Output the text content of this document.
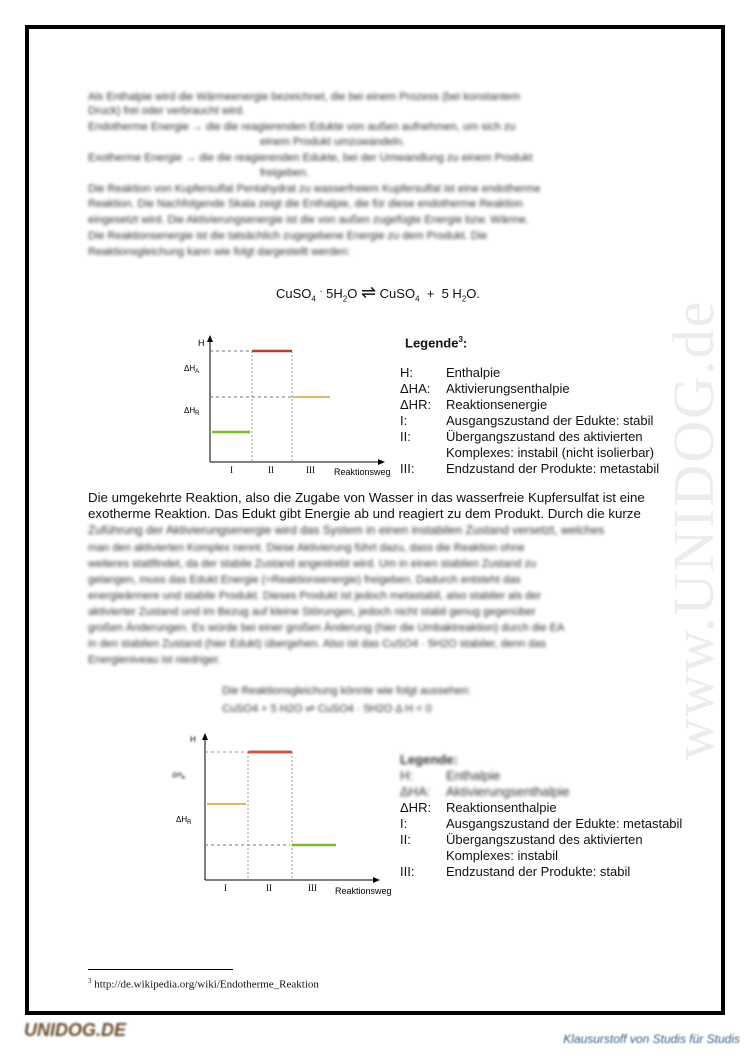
www.UNIDOG.de
Als Enthalpie wird die Wärmeenergie bezeichnet, die bei einem Prozess (bei konstantem
Druck) frei oder verbraucht wird.
Endotherme Energie → die die reagierenden Edukte von außen aufnehmen, um sich zu
einem Produkt umzuwandeln.
Exotherme Energie → die die reagierenden Edukte, bei der Umwandlung zu einem Produkt
freigeben.
Die Reaktion von Kupfersulfat Pentahydrat zu wasserfreiem Kupfersulfat ist eine endotherme
Reaktion. Die Nachfolgende Skala zeigt die Enthalpie, die für diese endotherme Reaktion
eingesetzt wird. Die Aktivierungsenergie ist die von außen zugefügte Energie bzw. Wärme.
Die Reaktionsenergie ist die tatsächlich zugegebene Energie zu dem Produkt. Die
Reaktionsgleichung kann wie folgt dargestellt werden:
CuSO$_4$ · $5H_2O$ ⇌ CuSO$_4$ + 5 $H_2O$.
H
$\Delta H_A$
$\Delta H_R$
I	II	III Reaktionsweg
Legende$^3$:
H:	Enthalpie
ΔHA:	Aktivierungsenthalpie
ΔHR:	Reaktionsenergie
I:	Ausgangszustand der Edukte: stabil
II:	Übergangszustand des aktivierten
Komplexes: instabil (nicht isolierbar)
III:	Endzustand der Produkte: metastabil
Die umgekehrte Reaktion, also die Zugabe von Wasser in das wasserfreie Kupfersulfat ist eine exotherme Reaktion. Das Edukt gibt Energie ab und reagiert zu dem Produkt. Durch die kurze
Zuführung der Aktivierungsenergie wird das System in einen instabilen Zustand versetzt, welches
man den aktivierten Komplex nennt. Diese Aktivierung führt dazu, dass die Reaktion ohne
weiteres stattfindet, da der stabile Zustand angestrebt wird. Um in einen stabilen Zustand zu
gelangen, muss das Edukt Energie (=Reaktionsenergie) freigeben. Dadurch entsteht das
energieärmere und stabile Produkt. Dieses Produkt ist jedoch metastabil, also stabiler als der
aktivierter Zustand und im Bezug auf kleine Störungen, jedoch nicht stabil genug gegenüber
großen Änderungen. Es würde bei einer großen Änderung (hier die Umbaktreaktion) durch die EA
in den stabilen Zustand (hier Edukt) übergehen. Also ist das CuSO4 · 5H2O stabiler, denn das
Energieniveau ist niedriger.
Die Reaktionsgleichung könnte wie folgt aussehen:
CuSO4 + 5 H2O ⇌ CuSO4 · 5H2O Δ H < 0
H
$\Delta H_A$
$\Delta H_R$
I	II	III Reaktionsweg
Legende:
H:	Enthalpie
ΔHA:	Aktivierungsenthalpie
ΔHR:	Reaktionsenthalpie
I:	Ausgangszustand der Edukte: metastabil
II:	Übergangszustand des aktivierten
Komplexes: instabil
III:	Endzustand der Produkte: stabil
$^3$ http://de.wikipedia.org/wiki/Endotherme_Reaktion
UNIDOG.DE	Klausurstoff von Studis für Studis
